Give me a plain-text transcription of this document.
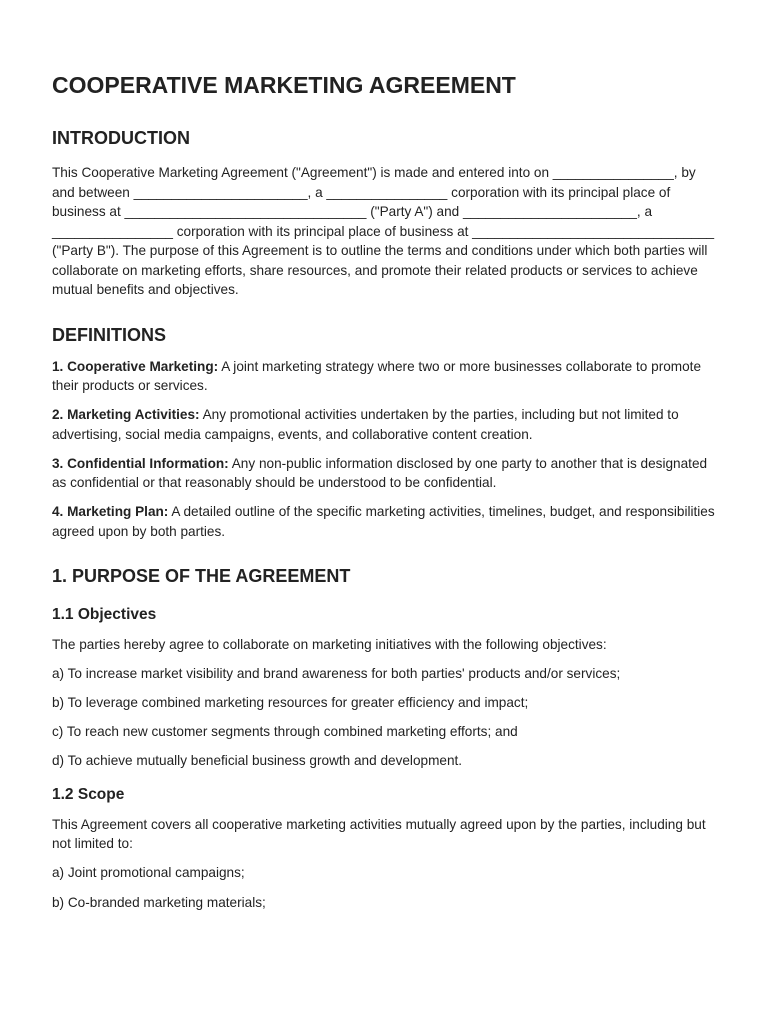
COOPERATIVE MARKETING AGREEMENT
INTRODUCTION

This Cooperative Marketing Agreement ("Agreement") is made and entered into on ________________, by and between _______________________, a ________________ corporation with its principal place of business at ________________________________ ("Party A") and _______________________, a ________________ corporation with its principal place of business at ________________________________ ("Party B"). The purpose of this Agreement is to outline the terms and conditions under which both parties will collaborate on marketing efforts, share resources, and promote their related products or services to achieve mutual benefits and objectives.

DEFINITIONS

1. Cooperative Marketing: A joint marketing strategy where two or more businesses collaborate to promote their products or services.

2. Marketing Activities: Any promotional activities undertaken by the parties, including but not limited to advertising, social media campaigns, events, and collaborative content creation.

3. Confidential Information: Any non-public information disclosed by one party to another that is designated as confidential or that reasonably should be understood to be confidential.

4. Marketing Plan: A detailed outline of the specific marketing activities, timelines, budget, and responsibilities agreed upon by both parties.

1. PURPOSE OF THE AGREEMENT
1.1 Objectives

The parties hereby agree to collaborate on marketing initiatives with the following objectives:

a) To increase market visibility and brand awareness for both parties' products and/or services;

b) To leverage combined marketing resources for greater efficiency and impact;

c) To reach new customer segments through combined marketing efforts; and

d) To achieve mutually beneficial business growth and development.

1.2 Scope

This Agreement covers all cooperative marketing activities mutually agreed upon by the parties, including but not limited to:

a) Joint promotional campaigns;

b) Co-branded marketing materials;
